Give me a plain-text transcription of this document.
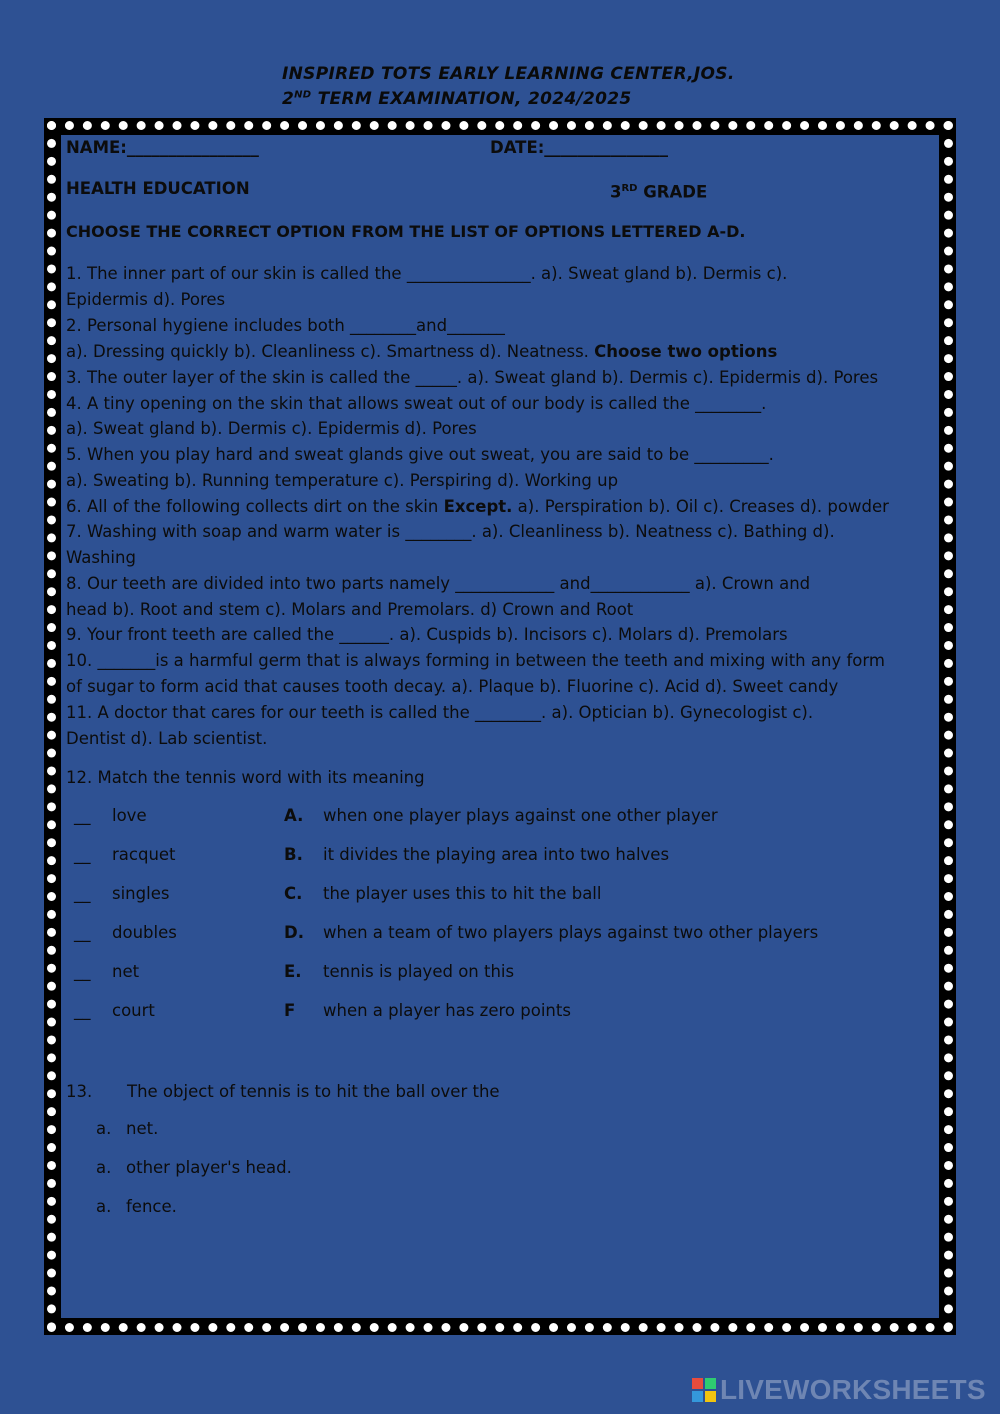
INSPIRED TOTS EARLY LEARNING CENTER,JOS.
2ND TERM EXAMINATION, 2024/2025
NAME:________________	DATE:_______________
HEALTH EDUCATION	3RD GRADE
CHOOSE THE CORRECT OPTION FROM THE LIST OF OPTIONS LETTERED A-D.
1. The inner part of our skin is called the _______________. a). Sweat gland b). Dermis c).
Epidermis d). Pores
2. Personal hygiene includes both ________and_______
a). Dressing quickly b). Cleanliness c). Smartness d). Neatness. Choose two options
3. The outer layer of the skin is called the _____. a). Sweat gland b). Dermis c). Epidermis d). Pores
4. A tiny opening on the skin that allows sweat out of our body is called the ________.
a). Sweat gland b). Dermis c). Epidermis d). Pores
5. When you play hard and sweat glands give out sweat, you are said to be _________.
a). Sweating b). Running temperature c). Perspiring d). Working up
6. All of the following collects dirt on the skin Except. a). Perspiration b). Oil c). Creases d). powder
7. Washing with soap and warm water is ________. a). Cleanliness b). Neatness c). Bathing d).
Washing
8. Our teeth are divided into two parts namely ____________ and____________ a). Crown and
head b). Root and stem c). Molars and Premolars. d) Crown and Root
9. Your front teeth are called the ______. a). Cuspids b). Incisors c). Molars d). Premolars
10. _______is a harmful germ that is always forming in between the teeth and mixing with any form
of sugar to form acid that causes tooth decay. a). Plaque b). Fluorine c). Acid d). Sweet candy
11. A doctor that cares for our teeth is called the ________. a). Optician b). Gynecologist c).
Dentist d). Lab scientist.
12. Match the tennis word with its meaning
__ love	A. when one player plays against one other player
__ racquet	B. it divides the playing area into two halves
__ singles	C. the player uses this to hit the ball
__ doubles	D. when a team of two players plays against two other players
__ net	E. tennis is played on this
__ court	F when a player has zero points
13. The object of tennis is to hit the ball over the
a. net.
a. other player's head.
a. fence.
LIVEWORKSHEETS
